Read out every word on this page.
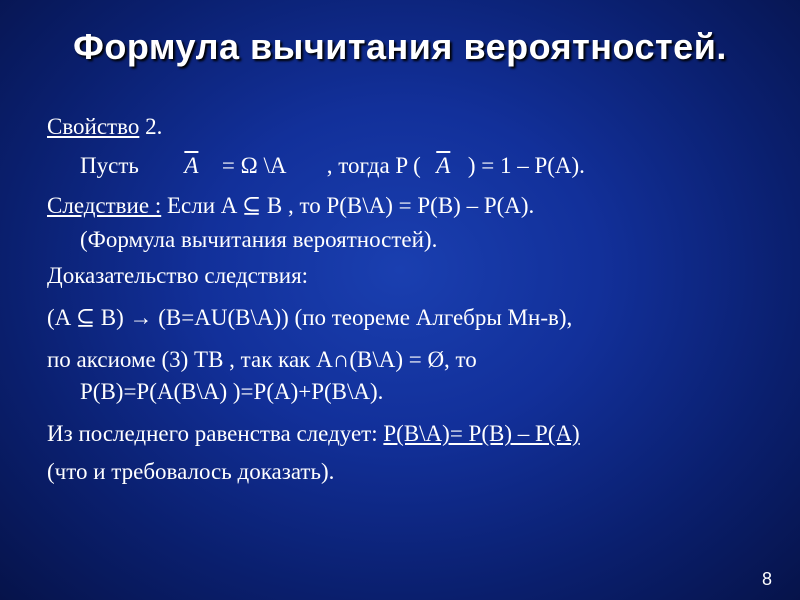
Формула вычитания вероятностей.
Свойство 2.
Пусть $\overline{A} = \Omega$ \A , тогда P ( $\overline{A}$ ) = 1 – P(A).
Следствие : Если A ⊆ B , то P(B\A) = P(B) – P(A).
(Формула вычитания вероятностей).
Доказательство следствия:
(A ⊆ B) → (B=AU(B\A)) (по теореме Алгебры Мн-в),
по аксиоме (3) ТВ , так как A∩(B\A) = Ø, то
P(B)=P(A(B\A) )=P(A)+P(B\A).
Из последнего равенства следует: P(B\A)= P(B) – P(A)
(что и требовалось доказать).
8
